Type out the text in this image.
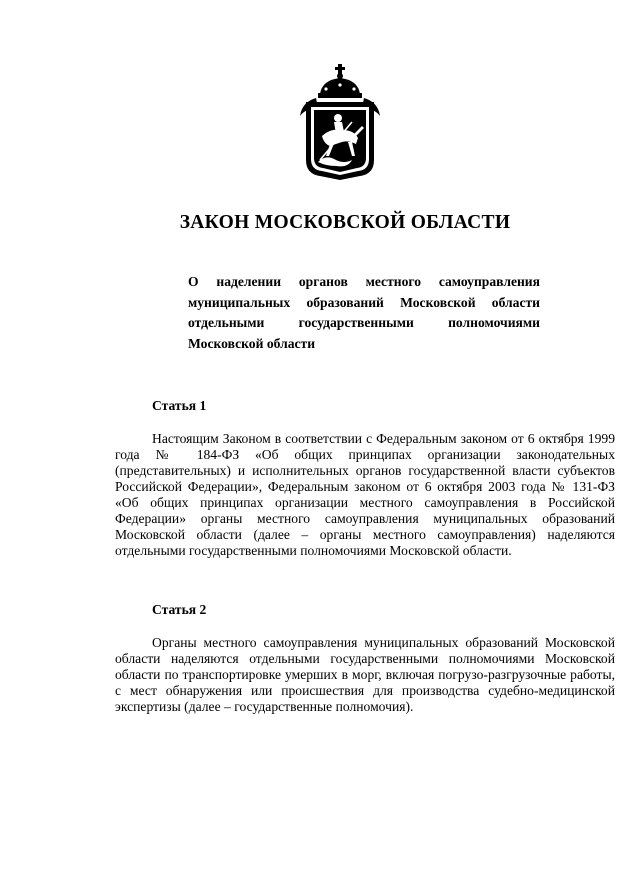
ЗАКОН МОСКОВСКОЙ ОБЛАСТИ
О наделении органов местного самоуправления муниципальных образований Московской области отдельными государственными полномочиями Московской области
Статья 1
Настоящим Законом в соответствии с Федеральным законом от 6 октября 1999 года № 184-ФЗ «Об общих принципах организации законодательных (представительных) и исполнительных органов государственной власти субъектов Российской Федерации», Федеральным законом от 6 октября 2003 года № 131-ФЗ «Об общих принципах организации местного самоуправления в Российской Федерации» органы местного самоуправления муниципальных образований Московской области (далее – органы местного самоуправления) наделяются отдельными государственными полномочиями Московской области.
Статья 2
Органы местного самоуправления муниципальных образований Московской области наделяются отдельными государственными полномочиями Московской области по транспортировке умерших в морг, включая погрузо-разгрузочные работы, с мест обнаружения или происшествия для производства судебно-медицинской экспертизы (далее – государственные полномочия).
